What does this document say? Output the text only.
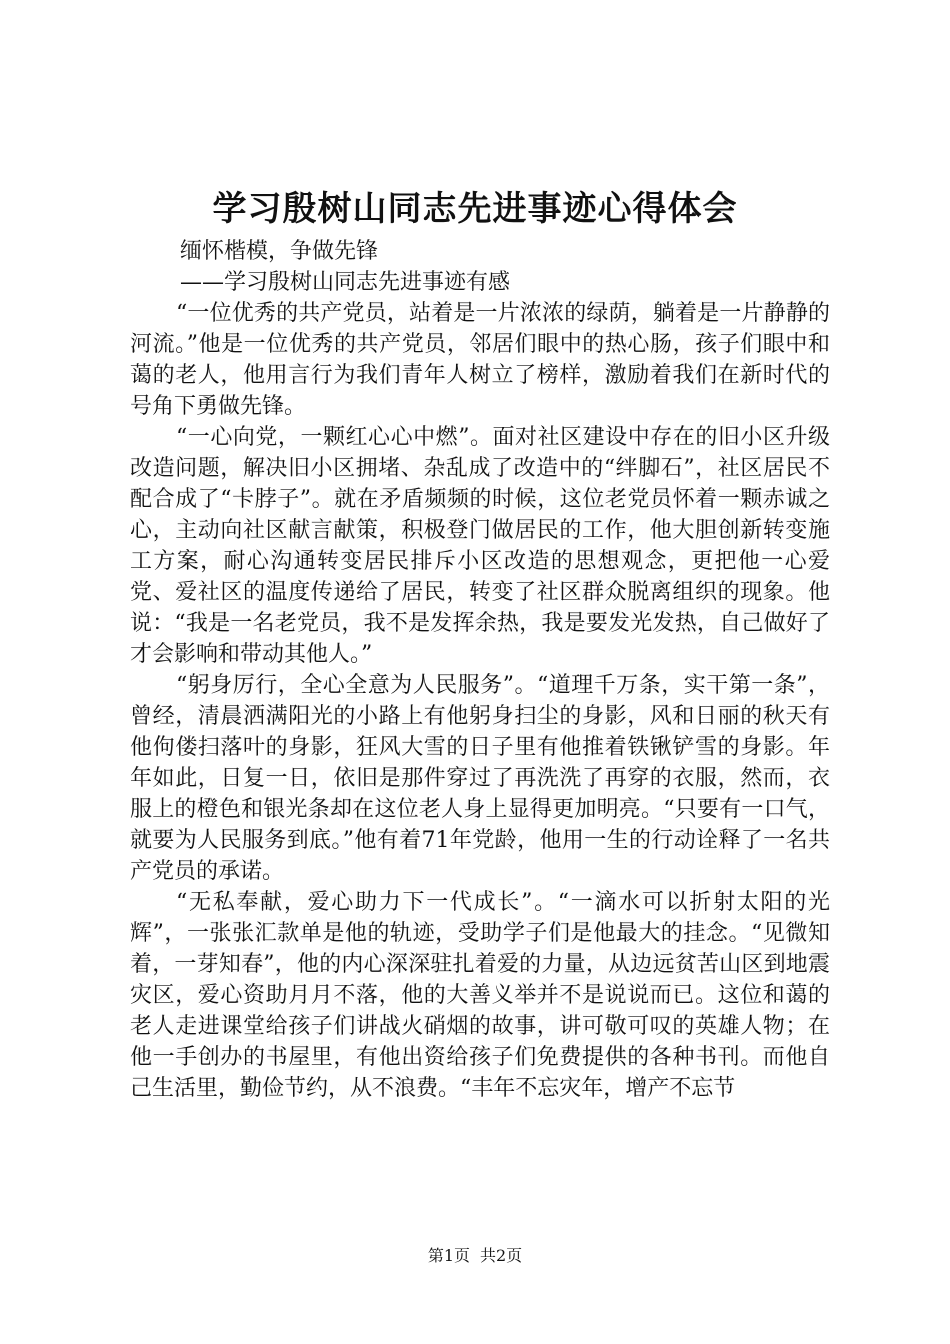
学习殷树山同志先进事迹心得体会
缅怀楷模，争做先锋
——学习殷树山同志先进事迹有感

“一位优秀的共产党员，站着是一片浓浓的绿荫，躺着是一片静静的河流。”他是一位优秀的共产党员，邻居们眼中的热心肠，孩子们眼中和蔼的老人，他用言行为我们青年人树立了榜样，激励着我们在新时代的号角下勇做先锋。

“一心向党，一颗红心心中燃”。面对社区建设中存在的旧小区升级改造问题，解决旧小区拥堵、杂乱成了改造中的“绊脚石”，社区居民不配合成了“卡脖子”。就在矛盾频频的时候，这位老党员怀着一颗赤诚之心，主动向社区献言献策，积极登门做居民的工作，他大胆创新转变施工方案，耐心沟通转变居民排斥小区改造的思想观念，更把他一心爱党、爱社区的温度传递给了居民，转变了社区群众脱离组织的现象。他说：“我是一名老党员，我不是发挥余热，我是要发光发热，自己做好了才会影响和带动其他人。”

“躬身厉行，全心全意为人民服务”。“道理千万条，实干第一条”，曾经，清晨洒满阳光的小路上有他躬身扫尘的身影，风和日丽的秋天有他佝偻扫落叶的身影，狂风大雪的日子里有他推着铁锹铲雪的身影。年年如此，日复一日，依旧是那件穿过了再洗洗了再穿的衣服，然而，衣服上的橙色和银光条却在这位老人身上显得更加明亮。“只要有一口气，就要为人民服务到底。”他有着71年党龄，他用一生的行动诠释了一名共产党员的承诺。

“无私奉献，爱心助力下一代成长”。“一滴水可以折射太阳的光辉”，一张张汇款单是他的轨迹，受助学子们是他最大的挂念。“见微知着，一芽知春”，他的内心深深驻扎着爱的力量，从边远贫苦山区到地震灾区，爱心资助月月不落，他的大善义举并不是说说而已。这位和蔼的老人走进课堂给孩子们讲战火硝烟的故事，讲可敬可叹的英雄人物；在他一手创办的书屋里，有他出资给孩子们免费提供的各种书刊。而他自己生活里，勤俭节约，从不浪费。“丰年不忘灾年，增产不忘节

第1页 共2页
